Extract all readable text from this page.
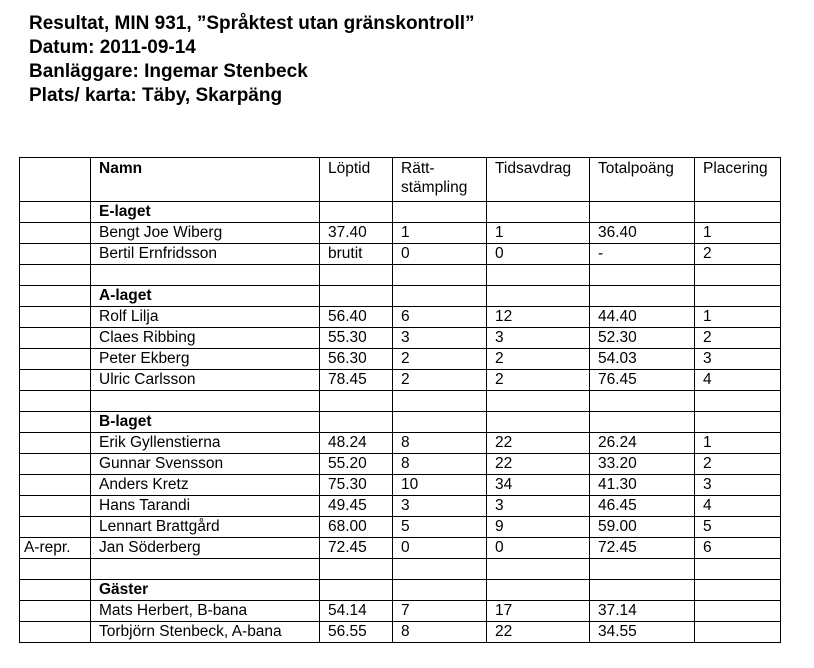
Resultat, MIN 931, ”Språktest utan gränskontroll”
Datum: 2011-09-14
Banläggare: Ingemar Stenbeck
Plats/ karta: Täby, Skarpäng
	Namn	Löptid	Rätt-
stämpling	Tidsavdrag	Totalpoäng	Placering
	E-laget					
	Bengt Joe Wiberg	37.40	1	1	36.40	1
	Bertil Ernfridsson	brutit	0	0	-	2

	A-laget					
	Rolf Lilja	56.40	6	12	44.40	1
	Claes Ribbing	55.30	3	3	52.30	2
	Peter Ekberg	56.30	2	2	54.03	3
	Ulric Carlsson	78.45	2	2	76.45	4

	B-laget					
	Erik Gyllenstierna	48.24	8	22	26.24	1
	Gunnar Svensson	55.20	8	22	33.20	2
	Anders Kretz	75.30	10	34	41.30	3
	Hans Tarandi	49.45	3	3	46.45	4
	Lennart Brattgård	68.00	5	9	59.00	5
A-repr.	Jan Söderberg	72.45	0	0	72.45	6

	Gäster					
	Mats Herbert, B-bana	54.14	7	17	37.14	
	Torbjörn Stenbeck, A-bana	56.55	8	22	34.55	
